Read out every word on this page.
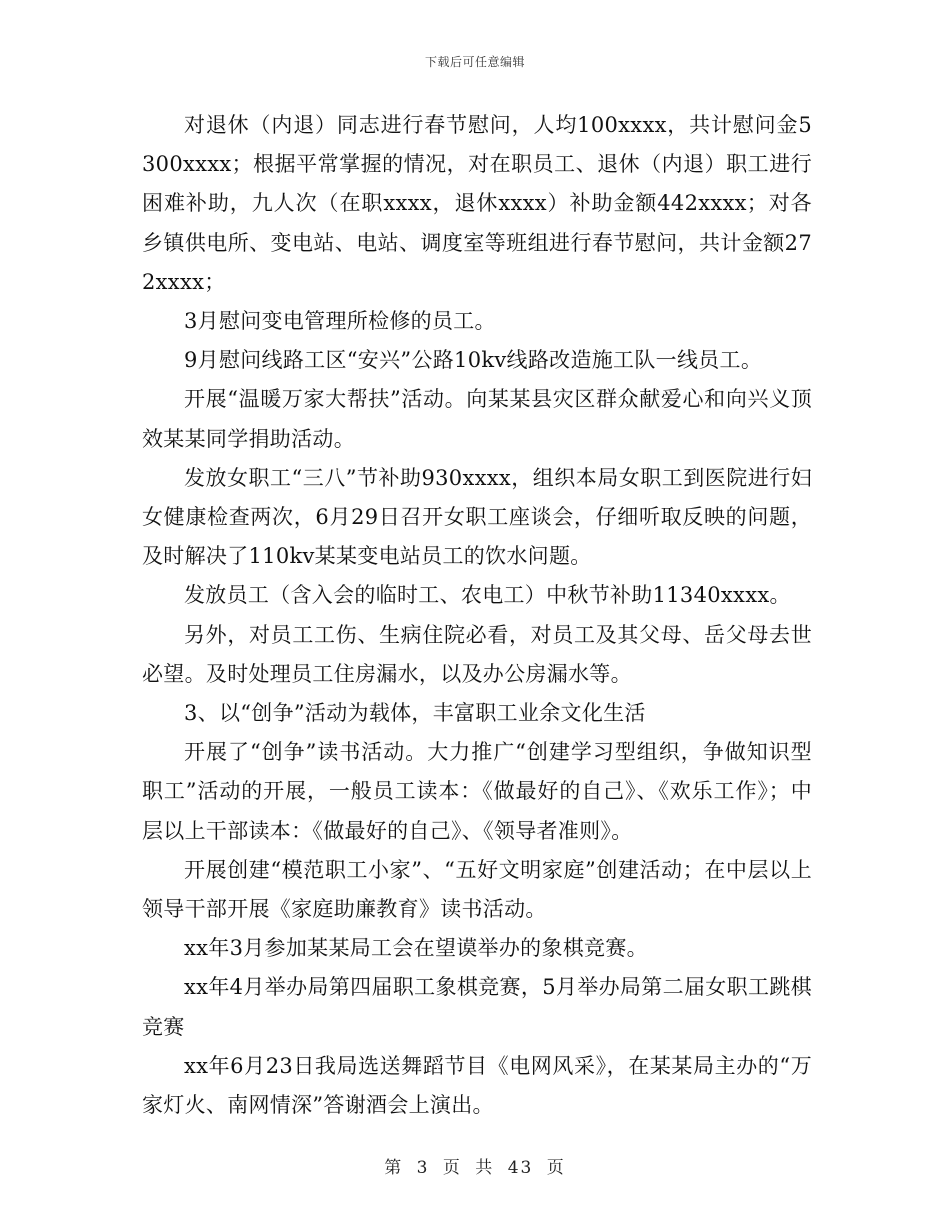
下载后可任意编辑

对退休（内退）同志进行春节慰问，人均100xxxx，共计慰问金5300xxxx；根据平常掌握的情况，对在职员工、退休（内退）职工进行困难补助，九人次（在职xxxx，退休xxxx）补助金额442xxxx；对各乡镇供电所、变电站、电站、调度室等班组进行春节慰问，共计金额272xxxx；

3月慰问变电管理所检修的员工。

9月慰问线路工区“安兴”公路10kv线路改造施工队一线员工。

开展“温暖万家大帮扶”活动。向某某县灾区群众献爱心和向兴义顶效某某同学捐助活动。

发放女职工“三八”节补助930xxxx，组织本局女职工到医院进行妇女健康检查两次，6月29日召开女职工座谈会，仔细听取反映的问题，及时解决了110kv某某变电站员工的饮水问题。

发放员工（含入会的临时工、农电工）中秋节补助11340xxxx。

另外，对员工工伤、生病住院必看，对员工及其父母、岳父母去世必望。及时处理员工住房漏水，以及办公房漏水等。

3、以“创争”活动为载体，丰富职工业余文化生活

开展了“创争”读书活动。大力推广“创建学习型组织，争做知识型职工”活动的开展，一般员工读本：《做最好的自己》、《欢乐工作》；中层以上干部读本：《做最好的自己》、《领导者准则》。

开展创建“模范职工小家”、“五好文明家庭”创建活动；在中层以上领导干部开展《家庭助廉教育》读书活动。

xx年3月参加某某局工会在望谟举办的象棋竞赛。

xx年4月举办局第四届职工象棋竞赛，5月举办局第二届女职工跳棋竞赛

xx年6月23日我局选送舞蹈节目《电网风采》，在某某局主办的“万家灯火、南网情深”答谢酒会上演出。

第 3 页 共 43 页
